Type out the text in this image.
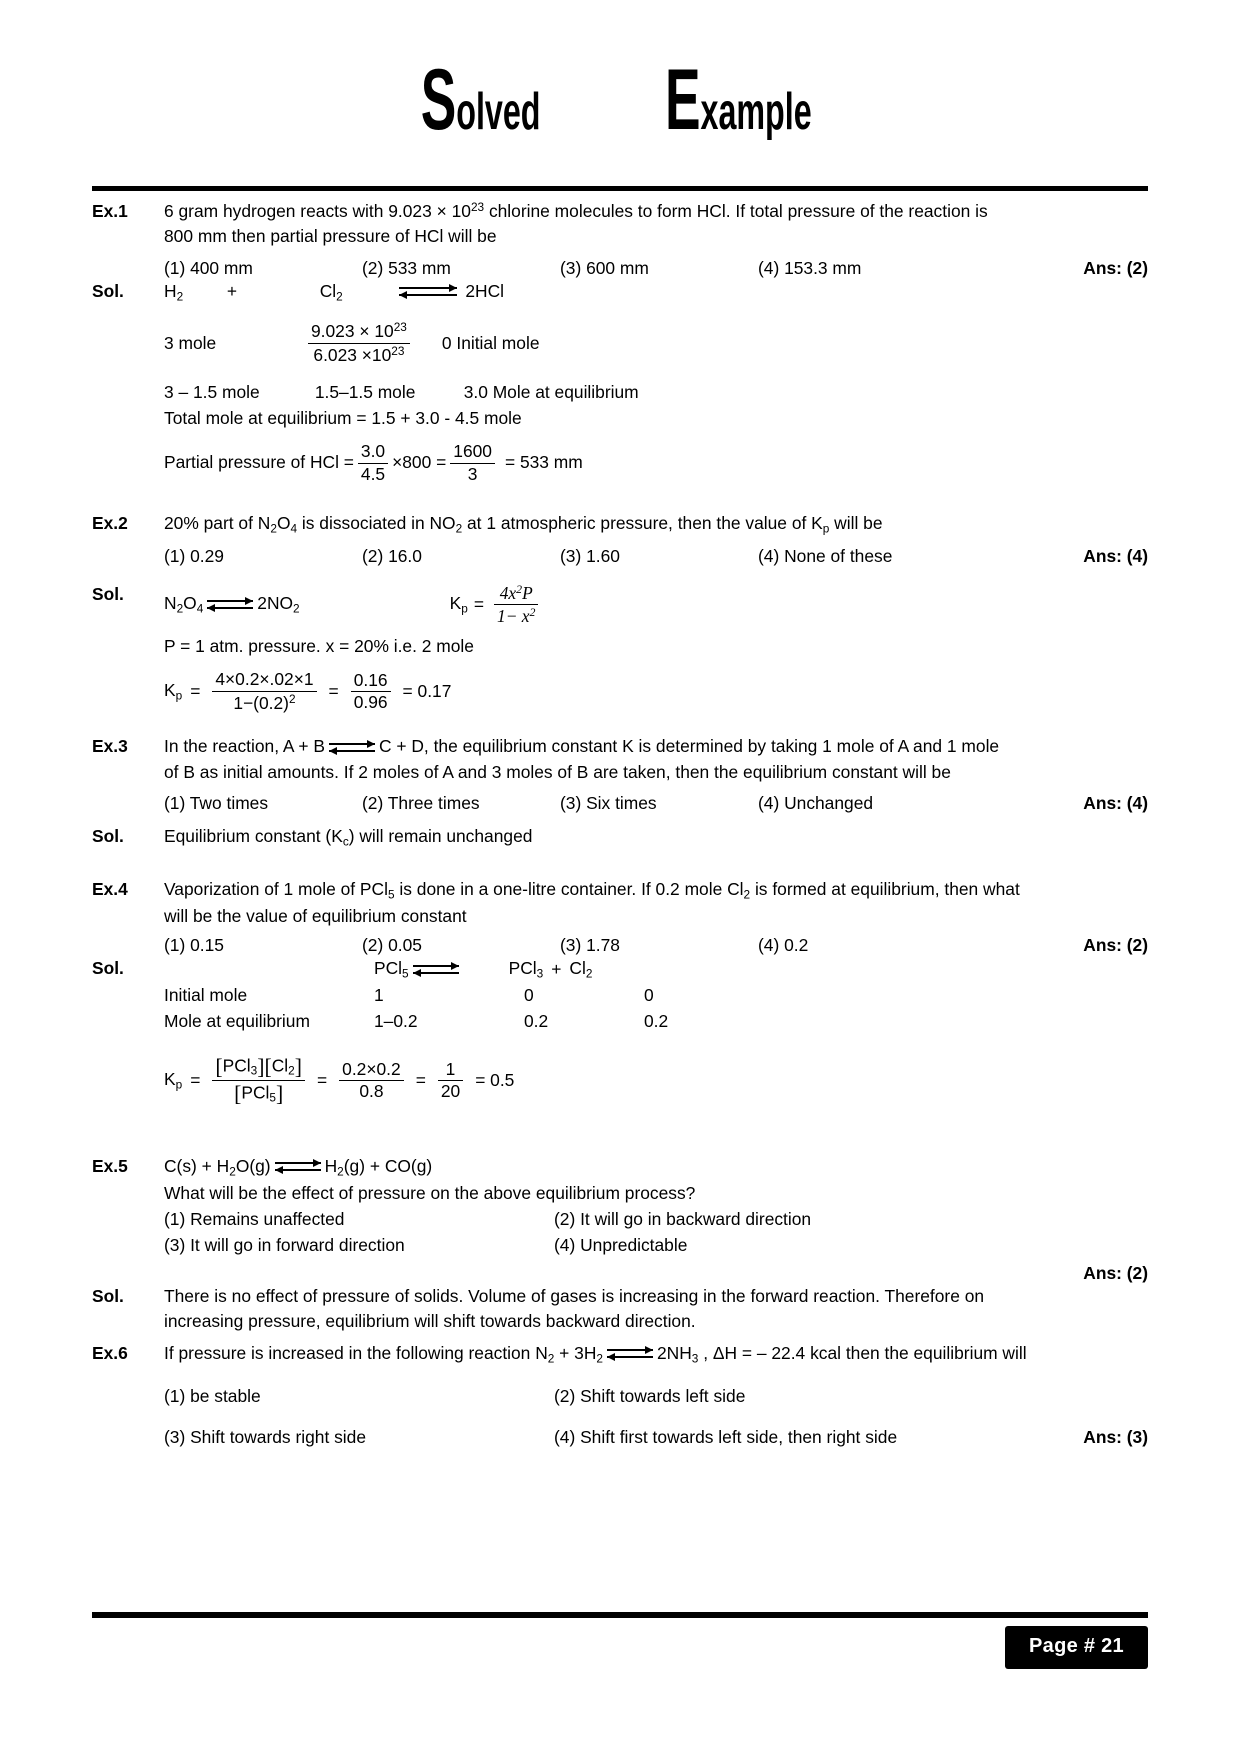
Solved Example
Ex.1	6 gram hydrogen reacts with $9.023 \times 10^{23}$ chlorine molecules to form HCl. If total pressure of the reaction is
800 mm then partial pressure of HCl will be
(1) 400 mm	(2) 533 mm	(3) 600 mm	(4) 153.3 mm	Ans: (2)
Sol.	$H_2$	+	$Cl_2$	⇌ 2HCl
3 mole	$\frac{9.023 \times 10^{23}}{6.023 \times 10^{23}} 0$ Initial mole
3 – 1.5 mole	1.5–1.5 mole	3.0 Mole at equilibrium
Total mole at equilibrium = 1.5 + 3.0 - 4.5 mole
Partial pressure of HCl = $\frac{3.0}{4.5} \times 800 = \frac{1600}{3} = 533$ mm
Ex.2	20% part of $N_2O_4$ is dissociated in $NO_2$ at 1 atmospheric pressure, then the value of $K_p$ will be
(1) 0.29	(2) 16.0	(3) 1.60	(4) None of these	Ans: (4)
Sol.	$N_2O_4$ ⇌ $2NO_2$	$K_p = \frac{4x^2P}{1- x^2}$
P = 1 atm. pressure. x = 20% i.e. 2 mole
$K_p = \frac{4\times 0.2\times.02\times 1}{1-(0.2)^2} = \frac{0.16}{0.96} = 0.17$
Ex.3	In the reaction, A + B ⇌ C + D, the equilibrium constant K is determined by taking 1 mole of A and 1 mole
of B as initial amounts. If 2 moles of A and 3 moles of B are taken, then the equilibrium constant will be
(1) Two times	(2) Three times	(3) Six times	(4) Unchanged	Ans: (4)
Sol.	Equilibrium constant $(K_c)$ will remain unchanged
Ex.4	Vaporization of 1 mole of PCl$_5$ is done in a one-litre container. If 0.2 mole $Cl_2$ is formed at equilibrium, then what
will be the value of equilibrium constant
(1) 0.15	(2) 0.05	(3) 1.78	(4) 0.2	Ans: (2)
Sol.	PCl$_5$ ⇌	$PCl_3 + Cl_2$
Initial mole	1	0	0
Mole at equilibrium	1–0.2	0.2	0.2
$K_p = \frac{[PCl_3][Cl_2]}{[PCl_5]} = \frac{0.2\times 0.2}{0.8} = \frac{1}{20} = 0.5$
Ex.5	$C(s) + H_2O(g)$ ⇌ $H_2(g) + CO(g)$
What will be the effect of pressure on the above equilibrium process?
(1) Remains unaffected	(2) It will go in backward direction
(3) It will go in forward direction	(4) Unpredictable
Ans: (2)
Sol.	There is no effect of pressure of solids. Volume of gases is increasing in the forward reaction. Therefore on
increasing pressure, equilibrium will shift towards backward direction.
Ex.6	If pressure is increased in the following reaction $N_2 + 3H_2$ ⇌ $2NH_3$ , ΔH = – 22.4 kcal then the equilibrium will
(1) be stable	(2) Shift towards left side
(3) Shift towards right side	(4) Shift first towards left side, then right side	Ans: (3)
Page # 21
